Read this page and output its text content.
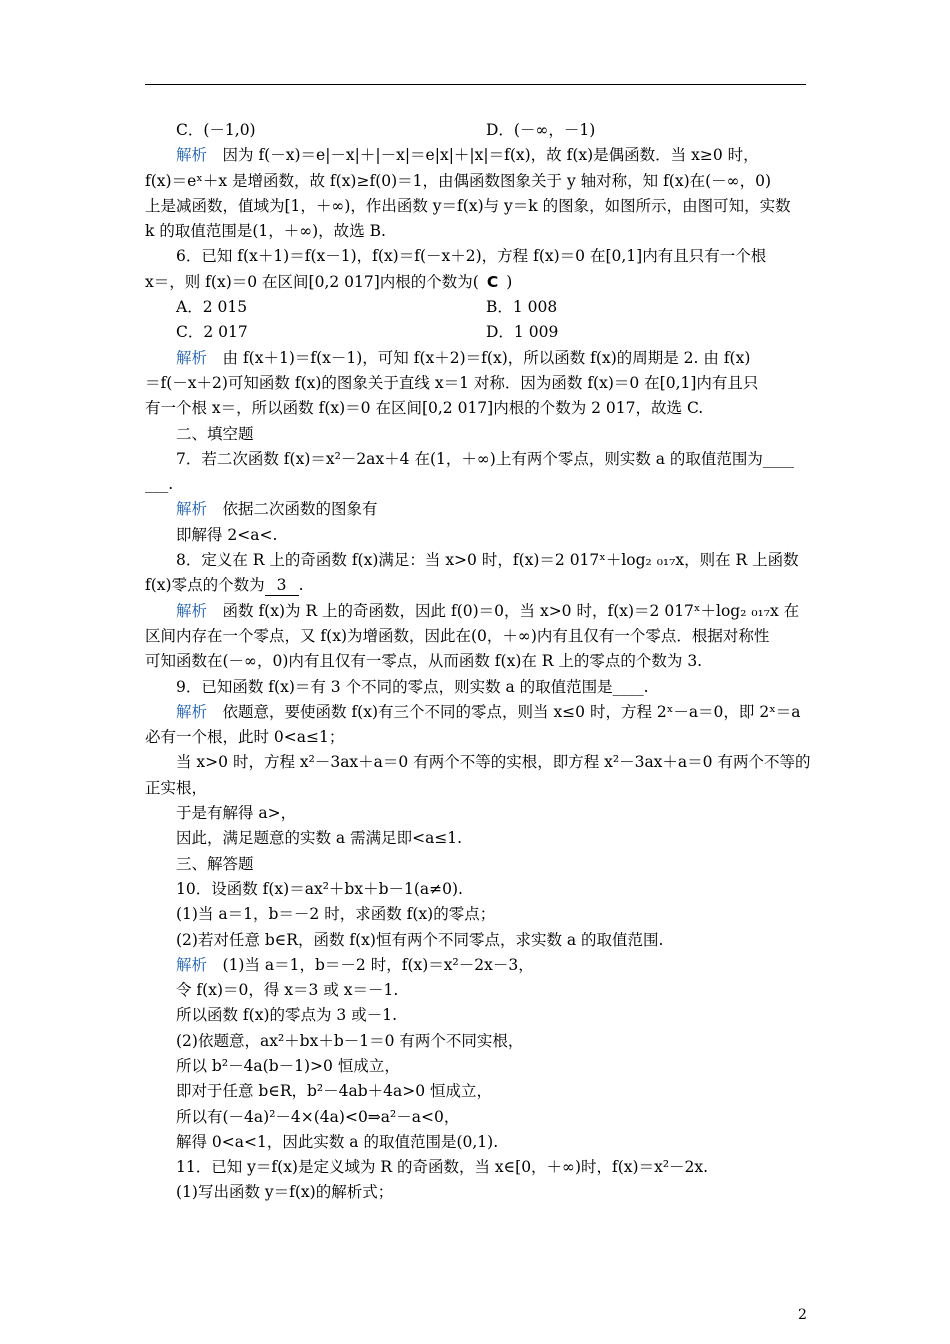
C．(－1,0)	D．(－∞，－1)
解析　因为 f(－x)＝e|－x|＋|－x|＝e|x|＋|x|＝f(x)，故 f(x)是偶函数．当 x≥0 时，
f(x)＝eˣ＋x 是增函数，故 f(x)≥f(0)＝1，由偶函数图象关于 y 轴对称，知 f(x)在(－∞，0)
上是减函数，值域为[1，＋∞)，作出函数 y＝f(x)与 y＝k 的图象，如图所示，由图可知，实数
k 的取值范围是(1，＋∞)，故选 B.
6．已知 f(x＋1)＝f(x－1)，f(x)＝f(－x＋2)，方程 f(x)＝0 在[0,1]内有且只有一个根
x＝，则 f(x)＝0 在区间[0,2 017]内根的个数为( C )
A．2 015	B．1 008
C．2 017	D．1 009
解析　由 f(x＋1)＝f(x－1)，可知 f(x＋2)＝f(x)，所以函数 f(x)的周期是 2. 由 f(x)
＝f(－x＋2)可知函数 f(x)的图象关于直线 x＝1 对称．因为函数 f(x)＝0 在[0,1]内有且只
有一个根 x＝，所以函数 f(x)＝0 在区间[0,2 017]内根的个数为 2 017，故选 C.
二、填空题
7．若二次函数 f(x)＝x²－2ax＋4 在(1，＋∞)上有两个零点，则实数 a 的取值范围为____
___.
解析　依据二次函数的图象有
即解得 2<a<.
8．定义在 R 上的奇函数 f(x)满足：当 x>0 时，f(x)＝2 017ˣ＋log₂ ₀₁₇x，则在 R 上函数
f(x)零点的个数为 3 .
解析　函数 f(x)为 R 上的奇函数，因此 f(0)＝0，当 x>0 时，f(x)＝2 017ˣ＋log₂ ₀₁₇x 在
区间内存在一个零点，又 f(x)为增函数，因此在(0，＋∞)内有且仅有一个零点．根据对称性
可知函数在(－∞，0)内有且仅有一零点，从而函数 f(x)在 R 上的零点的个数为 3.
9．已知函数 f(x)＝有 3 个不同的零点，则实数 a 的取值范围是____.
解析　依题意，要使函数 f(x)有三个不同的零点，则当 x≤0 时，方程 2ˣ－a＝0，即 2ˣ＝a
必有一个根，此时 0<a≤1；
当 x>0 时，方程 x²－3ax＋a＝0 有两个不等的实根，即方程 x²－3ax＋a＝0 有两个不等的
正实根，
于是有解得 a>，
因此，满足题意的实数 a 需满足即<a≤1.
三、解答题
10．设函数 f(x)＝ax²＋bx＋b－1(a≠0).
(1)当 a＝1，b＝－2 时，求函数 f(x)的零点；
(2)若对任意 b∈R，函数 f(x)恒有两个不同零点，求实数 a 的取值范围.
解析　(1)当 a＝1，b＝－2 时，f(x)＝x²－2x－3，
令 f(x)＝0，得 x＝3 或 x＝－1.
所以函数 f(x)的零点为 3 或－1.
(2)依题意，ax²＋bx＋b－1＝0 有两个不同实根，
所以 b²－4a(b－1)>0 恒成立，
即对于任意 b∈R，b²－4ab＋4a>0 恒成立，
所以有(－4a)²－4×(4a)<0⇒a²－a<0，
解得 0<a<1，因此实数 a 的取值范围是(0,1).
11．已知 y＝f(x)是定义域为 R 的奇函数，当 x∈[0，＋∞)时，f(x)＝x²－2x.
(1)写出函数 y＝f(x)的解析式；
2
